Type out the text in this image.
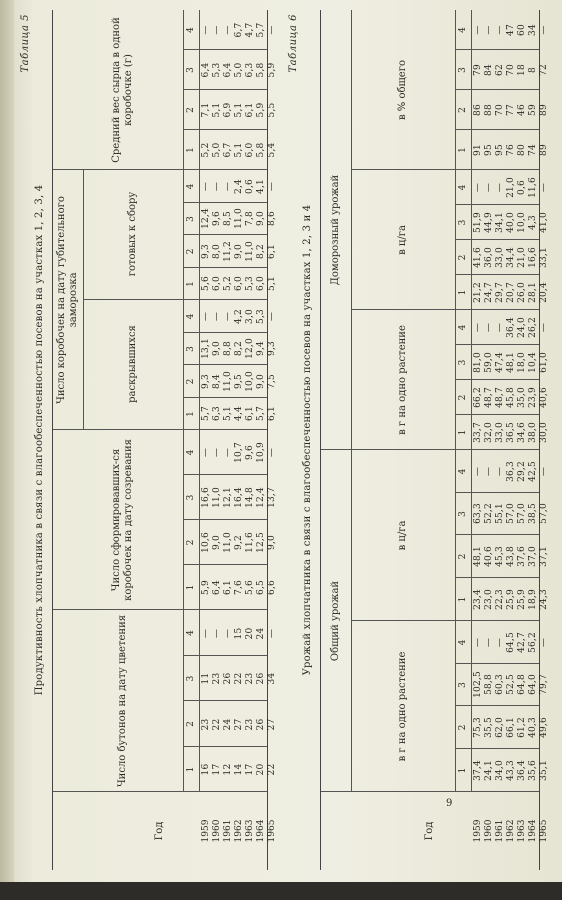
Таблица 5
Продуктивность хлопчатника в связи с влагообеспеченностью посевов на участках 1, 2, 3, 4
Год
Число бутонов на дату цветения
Число сформировавших-ся коробочек на дату созревания
Число коробочек на дату губительного заморозка
раскрывшихся
готовых к сбору
Средний вес сырца в одной коробочке (г)
1
2
3
4
1
2
3
4
1
2
3
4
1
2
3
4
1
2
3
4
1959 1960 1961 1962 1963 1964 1965
16 17 12 14 17 20 22
23 22 24 27 23 26 27
11 23 26 22 23 26 34
— — — 15 20 24 —
5,9 6,4 6,1 7,6 5,6 6,5 6,6
10,6 9,0 11,0 9,2 11,6 12,5 9,0
16,6 11,0 12,1 16,4 14,8 12,4 13,7
— — — 10,7 9,6 10,9 —
5,7 6,3 5,1 4,4 6,1 5,7 6,1
9,3 8,4 11,0 9,5 10,0 9,0 7,5
13,1 9,0 8,8 8,2 12,0 9,4 9,3
— — — 4,2 3,0 5,3 —
5,6 6,0 5,2 6,0 5,3 6,0 5,1
9,3 8,0 11,2 9,0 11,0 8,2 6,1
12,4 9,6 8,5 11,0 7,8 9,0 8,6
— — — 2,4 0,6 4,1 —
5,2 5,0 6,7 5,1 6,0 5,8 5,4
7,1 5,1 6,9 5,1 6,1 5,9 5,5
6,4 5,3 6,4 5,0 6,3 5,8 5,9
— — — 6,7 4,7 5,7 — Таблица 6
Урожай хлопчатника в связи с влагообеспеченностью посевов на участках 1, 2, 3 и 4
Год
Общий урожай
Доморозный урожай
в г на одно растение
в ц/га
в г на одно растение
в ц/га
в % общего
1
2
3
4
1
2
3
4
1
2
3
4
1
2
3
4
1
2
3
4
1959 1960 1961 1962 1963 1964 1965
37,4 24,1 34,0 43,3 36,4 35,6 35,1
75,3 35,5 62,0 66,1 61,2 40,3 49,6
102,5 58,8 60,3 52,5 64,8 64,0 79,7
— — — 64,5 42,7 56,2 —
23,4 23,0 22,3 25,9 25,9 18,9 24,3
48,1 40,6 45,3 43,8 37,6 37,0 37,1
63,3 52,2 55,1 57,0 57,0 38,5 57,0
— — — 36,3 29,2 42,5 —
33,7 32,0 33,0 36,5 34,6 38,0 30,0
66,2 48,7 48,7 45,8 35,0 23,9 40,6
81,0 59,0 47,4 48,1 18,0 10,4 61,0
— — — 36,4 24,0 26,2 —
21,2 24,7 29,7 20,7 26,0 28,1 20,4
41,6 36,0 33,0 34,4 21,0 16,6 33,1
51,9 44,9 34,1 40,0 10,0 4,3 41,0
— — — 21,0 0,6 11,6 —
91 95 95 76 80 74 89
86 88 70 77 46 59 89
79 84 62 70 18 8 72
— — — 47 60 34 —
9
